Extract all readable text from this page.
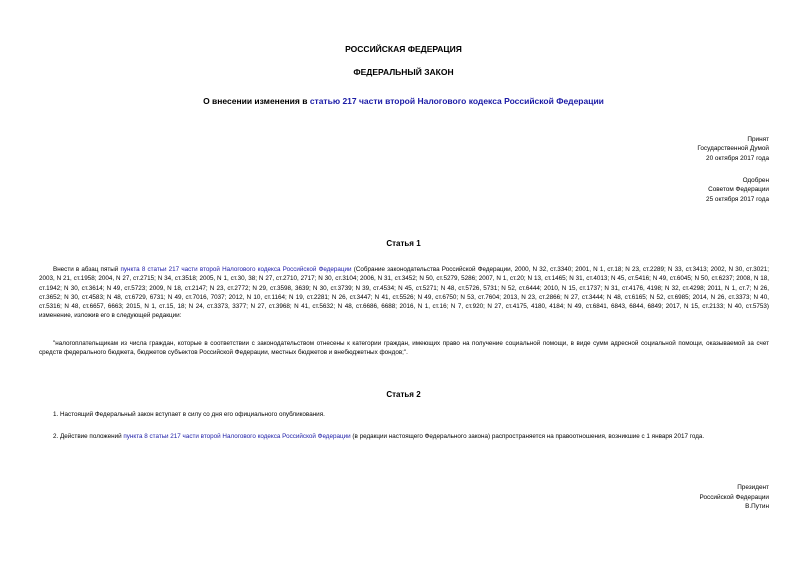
РОССИЙСКАЯ ФЕДЕРАЦИЯ
ФЕДЕРАЛЬНЫЙ ЗАКОН
О внесении изменения в статью 217 части второй Налогового кодекса Российской Федерации
Принят
Государственной Думой
20 октября 2017 года
Одобрен
Советом Федерации
25 октября 2017 года
Статья 1
Внести в абзац пятый пункта 8 статьи 217 части второй Налогового кодекса Российской Федерации (Собрание законодательства Российской Федерации, 2000, N 32, ст.3340; 2001, N 1, ст.18; N 23, ст.2289; N 33, ст.3413; 2002, N 30, ст.3021; 2003, N 21, ст.1958; 2004, N 27, ст.2715; N 34, ст.3518; 2005, N 1, ст.30, 38; N 27, ст.2710, 2717; N 30, ст.3104; 2006, N 31, ст.3452; N 50, ст.5279, 5286; 2007, N 1, ст.20; N 13, ст.1465; N 31, ст.4013; N 45, ст.5416; N 49, ст.6045; N 50, ст.6237; 2008, N 18, ст.1942; N 30, ст.3614; N 49, ст.5723; 2009, N 18, ст.2147; N 23, ст.2772; N 29, ст.3598, 3639; N 30, ст.3739; N 39, ст.4534; N 45, ст.5271; N 48, ст.5726, 5731; N 52, ст.6444; 2010, N 15, ст.1737; N 31, ст.4176, 4198; N 32, ст.4298; 2011, N 1, ст.7; N 26, ст.3652; N 30, ст.4583; N 48, ст.6729, 6731; N 49, ст.7016, 7037; 2012, N 10, ст.1164; N 19, ст.2281; N 26, ст.3447; N 41, ст.5526; N 49, ст.6750; N 53, ст.7604; 2013, N 23, ст.2866; N 27, ст.3444; N 48, ст.6165; N 52, ст.6985; 2014, N 26, ст.3373; N 40, ст.5316; N 48, ст.6657, 6663; 2015, N 1, ст.15, 18; N 24, ст.3373, 3377; N 27, ст.3968; N 41, ст.5632; N 48, ст.6686, 6688; 2016, N 1, ст.16; N 7, ст.920; N 27, ст.4175, 4180, 4184; N 49, ст.6841, 6843, 6844, 6849; 2017, N 15, ст.2133; N 40, ст.5753) изменение, изложив его в следующей редакции:
"налогоплательщикам из числа граждан, которые в соответствии с законодательством отнесены к категории граждан, имеющих право на получение социальной помощи, в виде сумм адресной социальной помощи, оказываемой за счет средств федерального бюджета, бюджетов субъектов Российской Федерации, местных бюджетов и внебюджетных фондов;".
Статья 2
1. Настоящий Федеральный закон вступает в силу со дня его официального опубликования.
2. Действие положений пункта 8 статьи 217 части второй Налогового кодекса Российской Федерации (в редакции настоящего Федерального закона) распространяется на правоотношения, возникшие с 1 января 2017 года.
Президент
Российской Федерации
В.Путин
